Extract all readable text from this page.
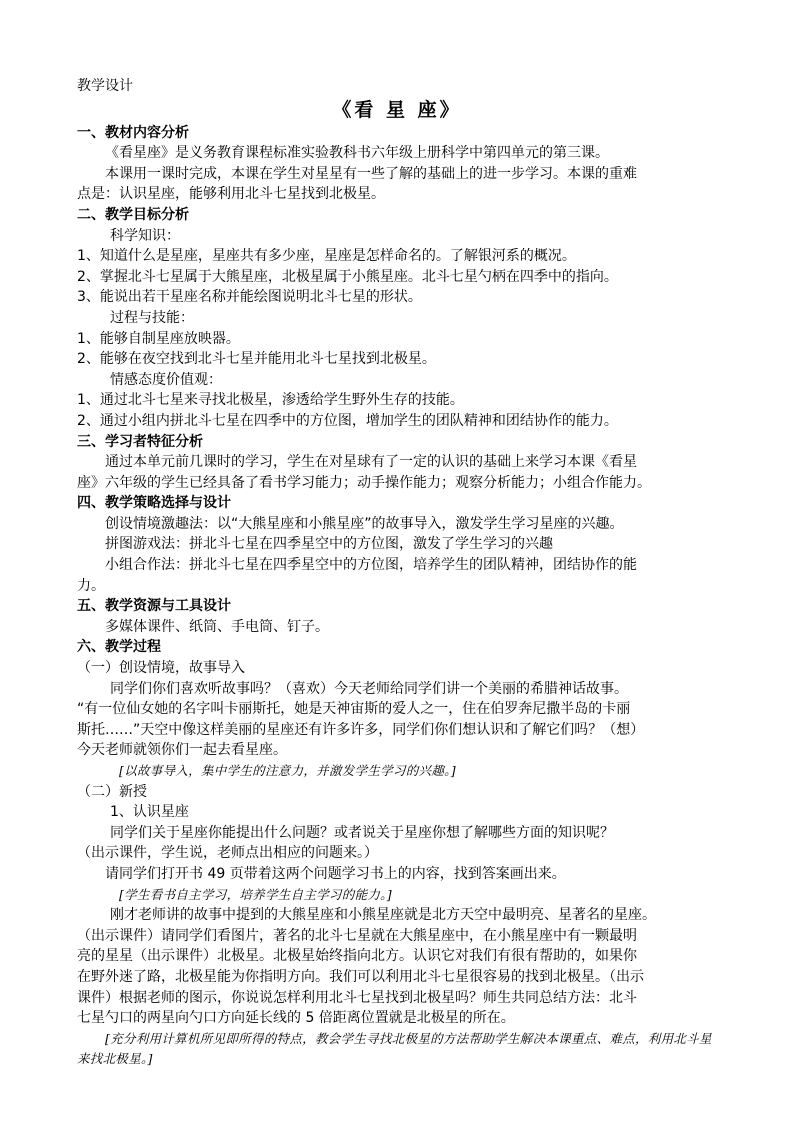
教学设计
《看 星 座》
一、教材内容分析
《看星座》是义务教育课程标准实验教科书六年级上册科学中第四单元的第三课。
本课用一课时完成，本课在学生对星星有一些了解的基础上的进一步学习。本课的重难
点是：认识星座，能够利用北斗七星找到北极星。
二、教学目标分析
科学知识：
1、知道什么是星座，星座共有多少座，星座是怎样命名的。了解银河系的概况。
2、掌握北斗七星属于大熊星座，北极星属于小熊星座。北斗七星勺柄在四季中的指向。
3、能说出若干星座名称并能绘图说明北斗七星的形状。
过程与技能：
1、能够自制星座放映器。
2、能够在夜空找到北斗七星并能用北斗七星找到北极星。
情感态度价值观：
1、通过北斗七星来寻找北极星，渗透给学生野外生存的技能。
2、通过小组内拼北斗七星在四季中的方位图，增加学生的团队精神和团结协作的能力。
三、学习者特征分析
通过本单元前几课时的学习，学生在对星球有了一定的认识的基础上来学习本课《看星
座》六年级的学生已经具备了看书学习能力；动手操作能力；观察分析能力；小组合作能力。
四、教学策略选择与设计
创设情境激趣法：以“大熊星座和小熊星座”的故事导入，激发学生学习星座的兴趣。
拼图游戏法：拼北斗七星在四季星空中的方位图，激发了学生学习的兴趣
小组合作法：拼北斗七星在四季星空中的方位图，培养学生的团队精神，团结协作的能
力。
五、教学资源与工具设计
多媒体课件、纸筒、手电筒、钉子。
六、教学过程
（一）创设情境，故事导入
同学们你们喜欢听故事吗？（喜欢）今天老师给同学们讲一个美丽的希腊神话故事。
“有一位仙女她的名字叫卡丽斯托，她是天神宙斯的爱人之一，住在伯罗奔尼撒半岛的卡丽
斯托……”天空中像这样美丽的星座还有许多许多，同学们你们想认识和了解它们吗？（想）
今天老师就领你们一起去看星座。
[以故事导入，集中学生的注意力，并激发学生学习的兴趣。]
（二）新授
1、认识星座
同学们关于星座你能提出什么问题？或者说关于星座你想了解哪些方面的知识呢？
（出示课件，学生说，老师点出相应的问题来。）
请同学们打开书 49 页带着这两个问题学习书上的内容，找到答案画出来。
[学生看书自主学习，培养学生自主学习的能力。]
刚才老师讲的故事中提到的大熊星座和小熊星座就是北方天空中最明亮、星著名的星座。
（出示课件）请同学们看图片，著名的北斗七星就在大熊星座中，在小熊星座中有一颗最明
亮的星星（出示课件）北极星。北极星始终指向北方。认识它对我们有很有帮助的，如果你
在野外迷了路，北极星能为你指明方向。我们可以利用北斗七星很容易的找到北极星。（出示
课件）根据老师的图示，你说说怎样利用北斗七星找到北极星吗？师生共同总结方法：北斗
七星勺口的两星向勺口方向延长线的 5 倍距离位置就是北极星的所在。
[充分利用计算机所见即所得的特点，教会学生寻找北极星的方法帮助学生解决本课重点、难点，利用北斗星来找北极星。]
